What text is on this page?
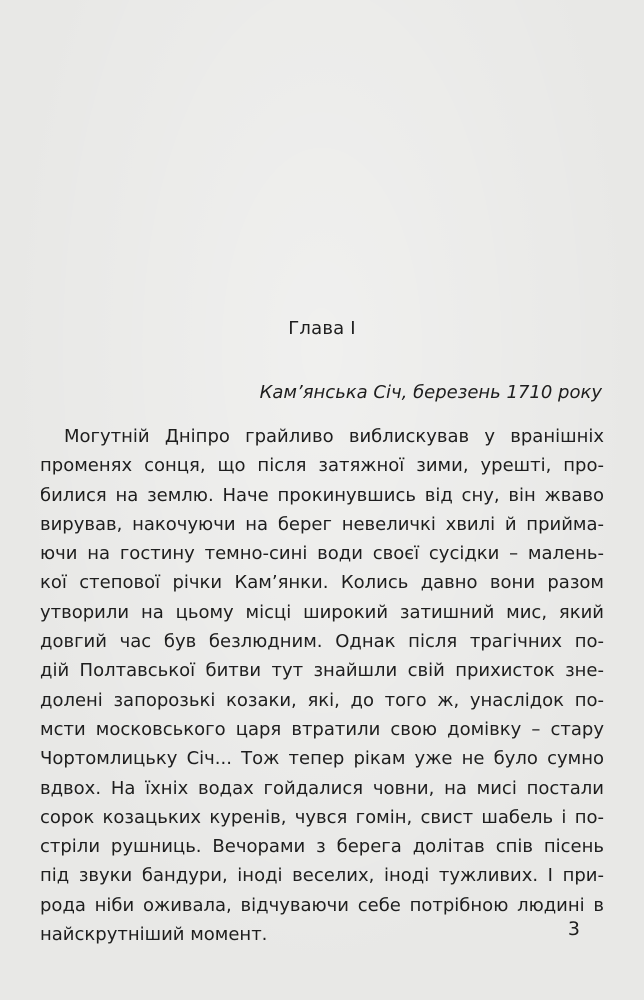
Глава I
Кам’янська Січ, березень 1710 року
Могутній Дніпро грайливо виблискував у вранішніх
променях сонця, що після затяжної зими, урешті, про-
билися на землю. Наче прокинувшись від сну, він жваво
вирував, накочуючи на берег невеличкі хвилі й прийма-
ючи на гостину темно-сині води своєї сусідки – малень-
кої степової річки Кам’янки. Колись давно вони разом
утворили на цьому місці широкий затишний мис, який
довгий час був безлюдним. Однак після трагічних по-
дій Полтавської битви тут знайшли свій прихисток зне-
долені запорозькі козаки, які, до того ж, унаслідок по-
мсти московського царя втратили свою домівку – стару
Чортомлицьку Січ... Тож тепер рікам уже не було сумно
вдвох. На їхніх водах гойдалися човни, на мисі постали
сорок козацьких куренів, чувся гомін, свист шабель і по-
стріли рушниць. Вечорами з берега долітав спів пісень
під звуки бандури, іноді веселих, іноді тужливих. І при-
рода ніби оживала, відчуваючи себе потрібною людині в
найскрутніший момент.	3
